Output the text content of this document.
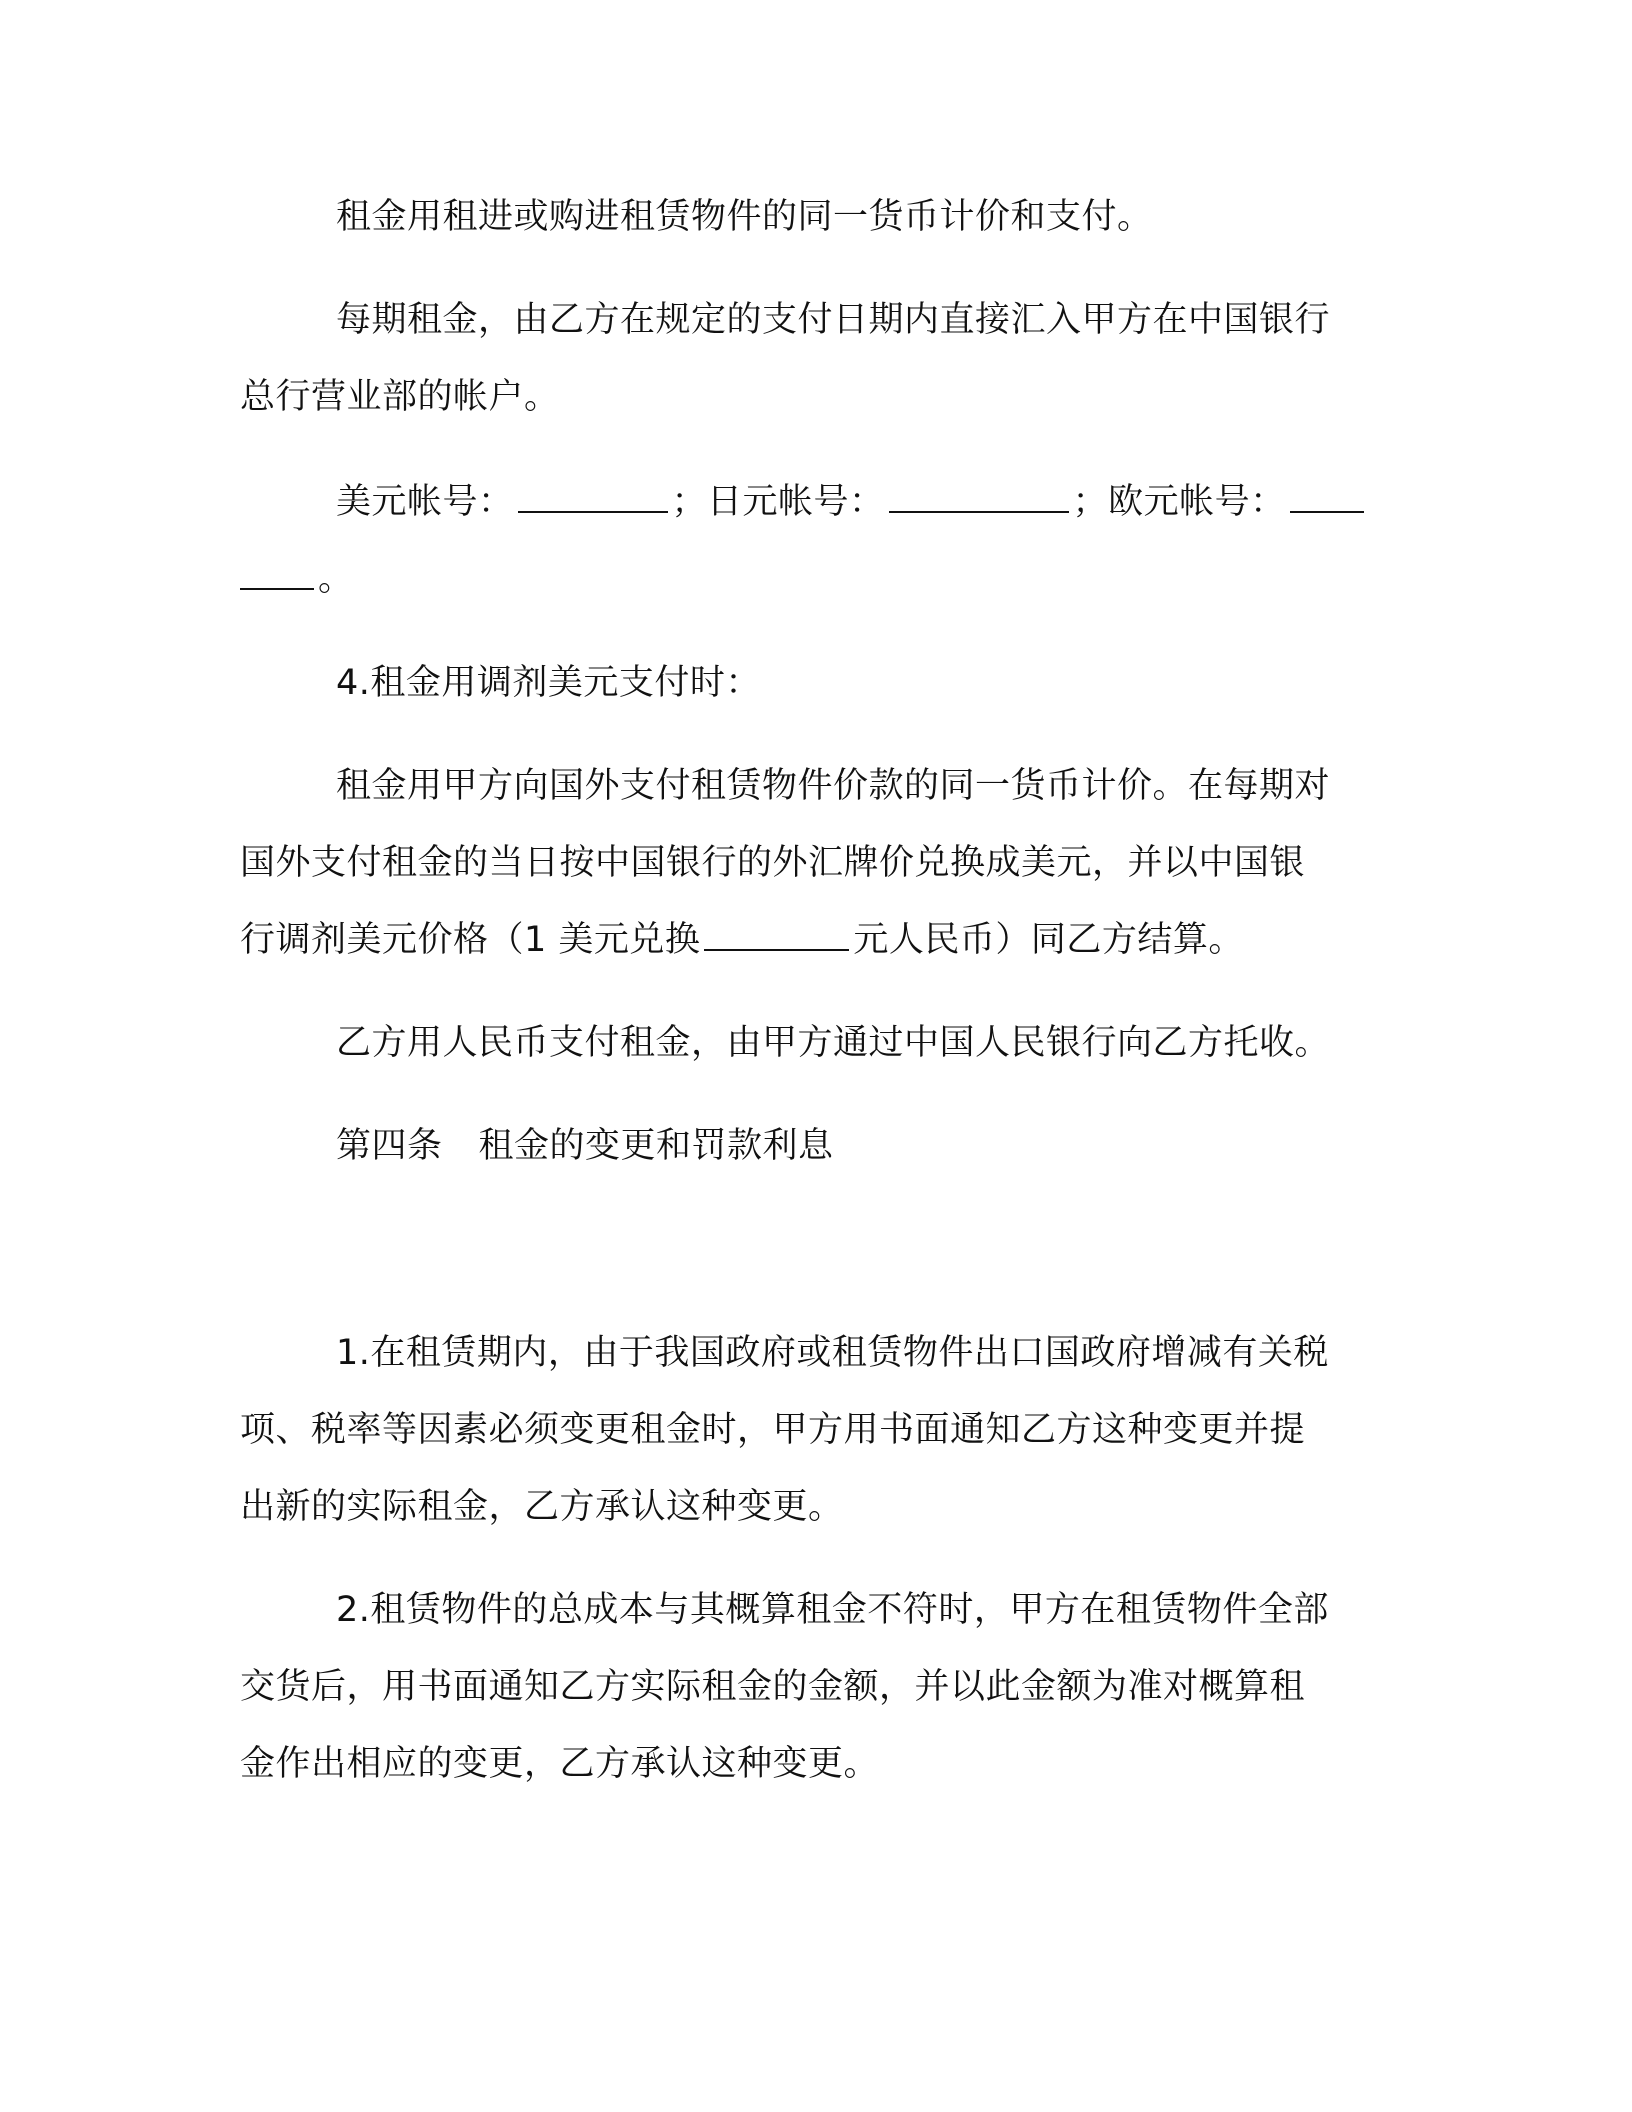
租金用租进或购进租赁物件的同一货币计价和支付。

每期租金，由乙方在规定的支付日期内直接汇入甲方在中国银行
总行营业部的帐户。

美元帐号：	；日元帐号：	；欧元帐号：
。

4.租金用调剂美元支付时：

租金用甲方向国外支付租赁物件价款的同一货币计价。在每期对
国外支付租金的当日按中国银行的外汇牌价兑换成美元，并以中国银
行调剂美元价格（1 美元兑换	元人民币）同乙方结算。

乙方用人民币支付租金，由甲方通过中国人民银行向乙方托收。

第四条 租金的变更和罚款利息

1.在租赁期内，由于我国政府或租赁物件出口国政府增减有关税
项、税率等因素必须变更租金时，甲方用书面通知乙方这种变更并提
出新的实际租金，乙方承认这种变更。

2.租赁物件的总成本与其概算租金不符时，甲方在租赁物件全部
交货后，用书面通知乙方实际租金的金额，并以此金额为准对概算租
金作出相应的变更，乙方承认这种变更。
